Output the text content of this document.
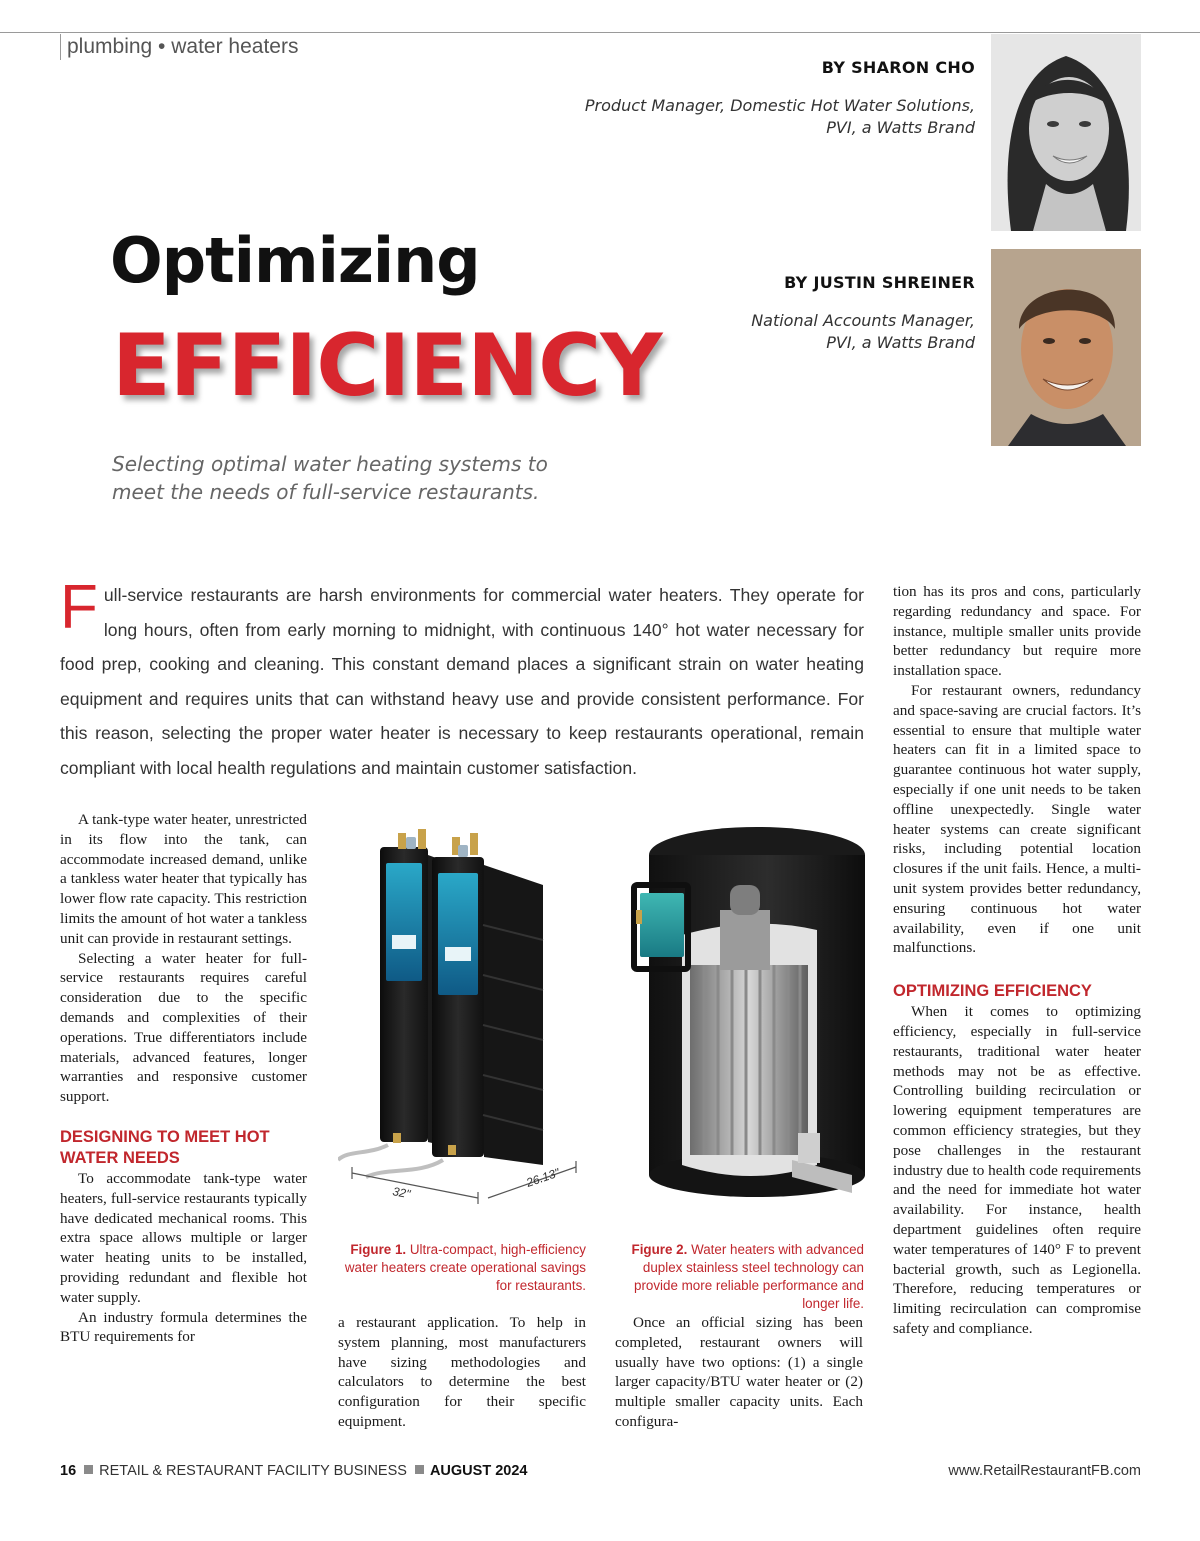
plumbing • water heaters
BY SHARON CHO
Product Manager, Domestic Hot Water Solutions,
PVI, a Watts Brand
BY JUSTIN SHREINER
National Accounts Manager,
PVI, a Watts Brand
Optimizing
EFFICIENCY
Selecting optimal water heating systems to meet the needs of full-service restaurants.
Full-service restaurants are harsh environments for commercial water heaters. They operate for long hours, often from early morning to midnight, with continuous 140° hot water necessary for food prep, cooking and cleaning. This constant demand places a significant strain on water heating equipment and requires units that can withstand heavy use and provide consistent performance. For this reason, selecting the proper water heater is necessary to keep restaurants operational, remain compliant with local health regulations and maintain customer satisfaction.

A tank-type water heater, unrestricted in its flow into the tank, can accommodate increased demand, unlike a tankless water heater that typically has lower flow rate capacity. This restriction limits the amount of hot water a tankless unit can provide in restaurant settings.

Selecting a water heater for full-service restaurants requires careful consideration due to the specific demands and complexities of their operations. True differentiators include materials, advanced features, longer warranties and responsive customer support.

DESIGNING TO MEET HOT WATER NEEDS

To accommodate tank-type water heaters, full-service restaurants typically have dedicated mechanical rooms. This extra space allows multiple or larger water heating units to be installed, providing redundant and flexible hot water supply.

An industry formula determines the BTU requirements for

32"
26.13"
Figure 1. Ultra-compact, high-efficiency water heaters create operational savings for restaurants.
Figure 2. Water heaters with advanced duplex stainless steel technology can provide more reliable performance and longer life.

a restaurant application. To help in system planning, most manufacturers have sizing methodologies and calculators to determine the best configuration for their specific equipment.

Once an official sizing has been completed, restaurant owners will usually have two options: (1) a single larger capacity/BTU water heater or (2) multiple smaller capacity units. Each configura-

tion has its pros and cons, particularly regarding redundancy and space. For instance, multiple smaller units provide better redundancy but require more installation space.

For restaurant owners, redundancy and space-saving are crucial factors. It’s essential to ensure that multiple water heaters can fit in a limited space to guarantee continuous hot water supply, especially if one unit needs to be taken offline unexpectedly. Single water heater systems can create significant risks, including potential location closures if the unit fails. Hence, a multi-unit system provides better redundancy, ensuring continuous hot water availability, even if one unit malfunctions.

OPTIMIZING EFFICIENCY

When it comes to optimizing efficiency, especially in full-service restaurants, traditional water heater methods may not be as effective. Controlling building recirculation or lowering equipment temperatures are common efficiency strategies, but they pose challenges in the restaurant industry due to health code requirements and the need for immediate hot water availability. For instance, health department guidelines often require water temperatures of 140° F to prevent bacterial growth, such as Legionella. Therefore, reducing temperatures or limiting recirculation can compromise safety and compliance.

16 RETAIL & RESTAURANT FACILITY BUSINESS AUGUST 2024	www.RetailRestaurantFB.com
